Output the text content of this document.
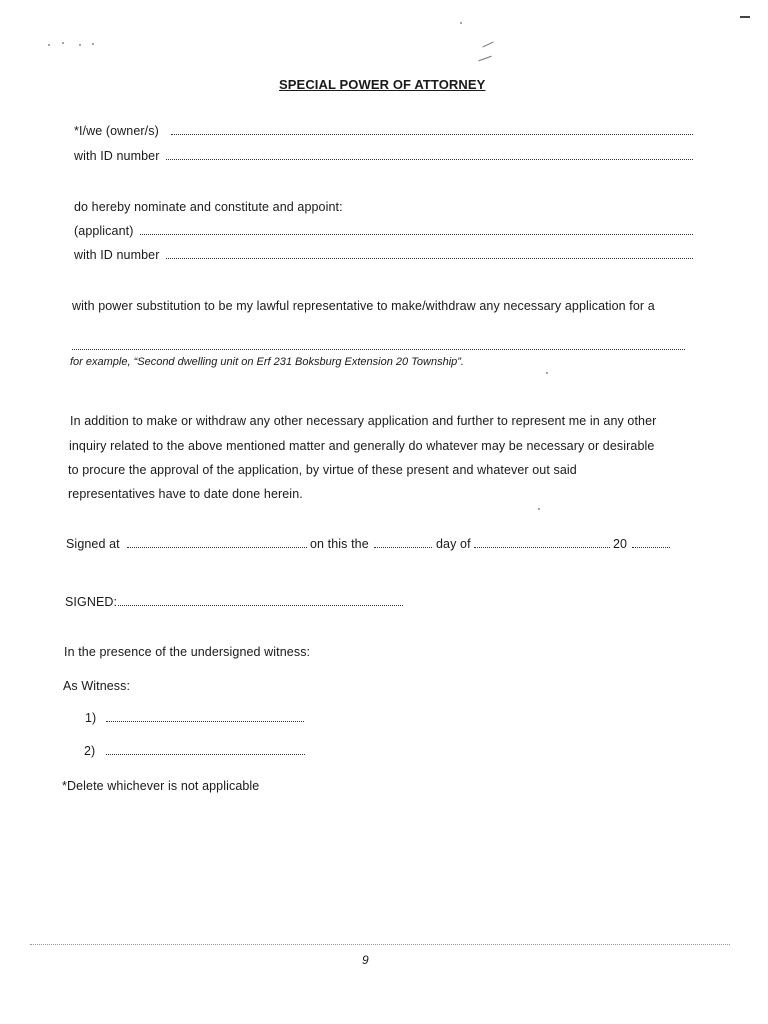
SPECIAL POWER OF ATTORNEY
*I/we (owner/s)
with ID number
do hereby nominate and constitute and appoint:
(applicant)
with ID number
with power substitution to be my lawful representative to make/withdraw any necessary application for a
for example, “Second dwelling unit on Erf 231 Boksburg Extension 20 Township”.
In addition to make or withdraw any other necessary application and further to represent me in any other
inquiry related to the above mentioned matter and generally do whatever may be necessary or desirable
to procure the approval of the application, by virtue of these present and whatever out said
representatives have to date done herein.
Signed at	on this the	day of	20
SIGNED:
In the presence of the undersigned witness:
As Witness:
1)
2)
*Delete whichever is not applicable
9
